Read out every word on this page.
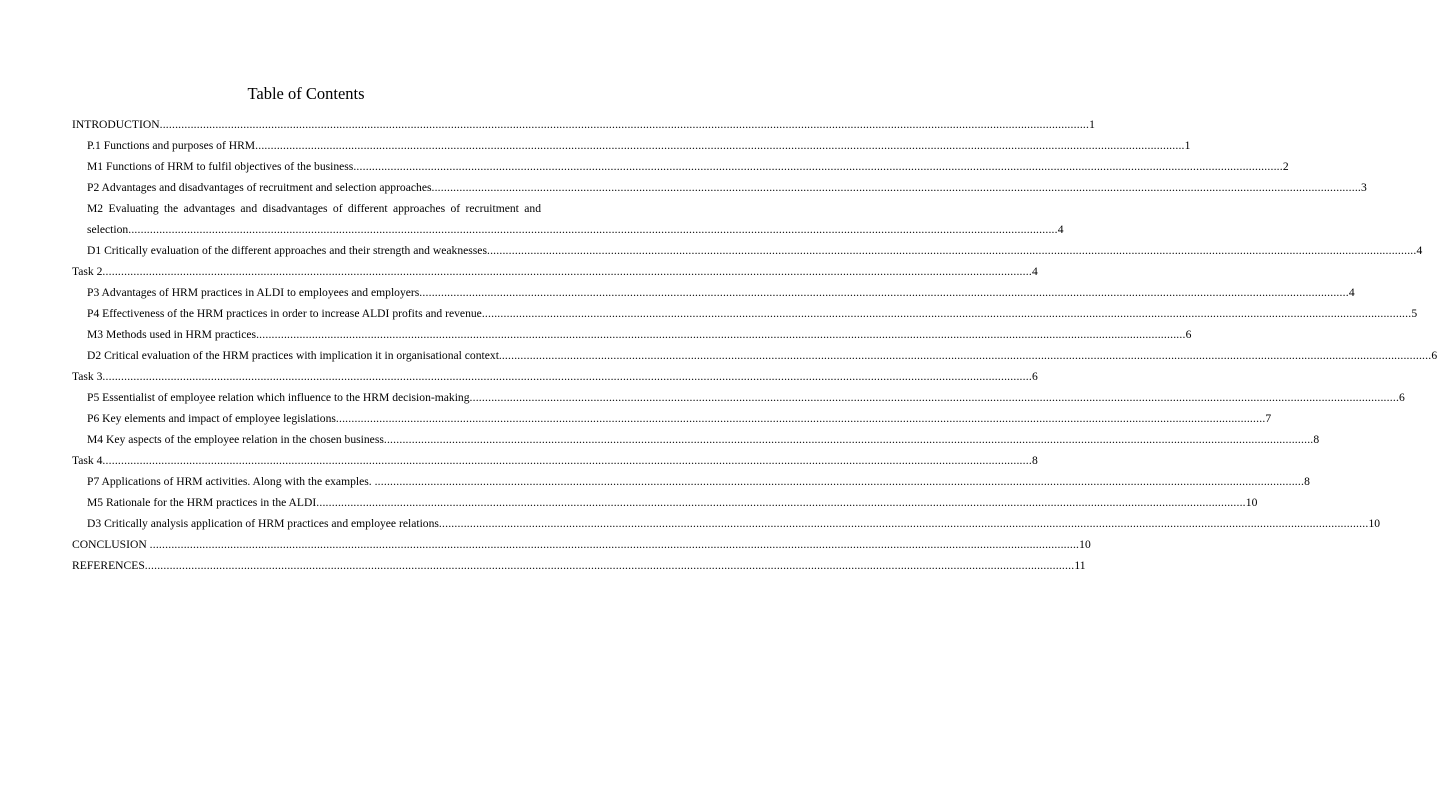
Table of Contents
INTRODUCTION ............................................................................................................................................................................................................................................................................................................ 1
P.1 Functions and purposes of HRM ............................................................................................................................................................................................................................................................................................................ 1
M1 Functions of HRM to fulfil objectives of the business ............................................................................................................................................................................................................................................................................................................ 2
P2 Advantages and disadvantages of recruitment and selection approaches ............................................................................................................................................................................................................................................................................................................ 3
M2 Evaluating the advantages and disadvantages of different approaches of recruitment and
selection ............................................................................................................................................................................................................................................................................................................ 4
D1 Critically evaluation of the different approaches and their strength and weaknesses ............................................................................................................................................................................................................................................................................................................ 4
Task 2 ............................................................................................................................................................................................................................................................................................................ 4
P3 Advantages of HRM practices in ALDI to employees and employers ............................................................................................................................................................................................................................................................................................................ 4
P4 Effectiveness of the HRM practices in order to increase ALDI profits and revenue ............................................................................................................................................................................................................................................................................................................ 5
M3 Methods used in HRM practices ............................................................................................................................................................................................................................................................................................................ 6
D2 Critical evaluation of the HRM practices with implication it in organisational context. ............................................................................................................................................................................................................................................................................................................ 6
Task 3 ............................................................................................................................................................................................................................................................................................................ 6
P5 Essentialist of employee relation which influence to the HRM decision-making ............................................................................................................................................................................................................................................................................................................ 6
P6 Key elements and impact of employee legislations ............................................................................................................................................................................................................................................................................................................ 7
M4 Key aspects of the employee relation in the chosen business ............................................................................................................................................................................................................................................................................................................ 8
Task 4 ............................................................................................................................................................................................................................................................................................................ 8
P7 Applications of HRM activities. Along with the examples. ............................................................................................................................................................................................................................................................................................................ 8
M5 Rationale for the HRM practices in the ALDI ............................................................................................................................................................................................................................................................................................................ 10
D3 Critically analysis application of HRM practices and employee relations ............................................................................................................................................................................................................................................................................................................ 10
CONCLUSION ............................................................................................................................................................................................................................................................................................................ 10
REFERENCES ............................................................................................................................................................................................................................................................................................................ 11
